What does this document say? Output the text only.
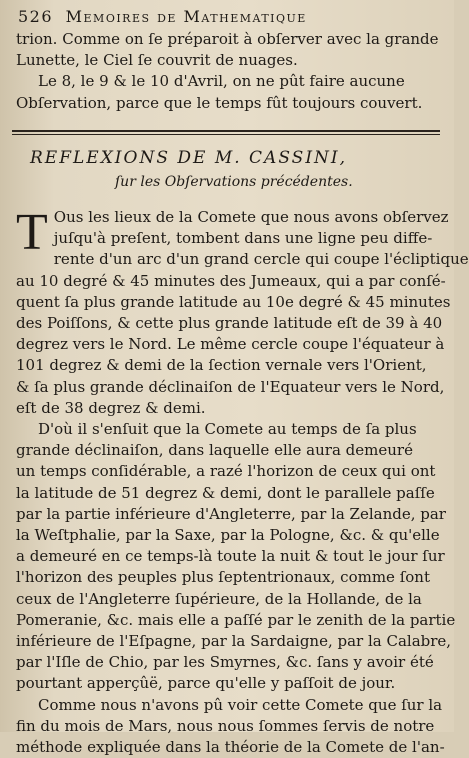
526 Memoires de Mathematique
trion. Comme on ſe préparoit à obſerver avec la grande
Lunette, le Ciel ſe couvrit de nuages.
Le 8, le 9 & le 10 d'Avril, on ne pût faire aucune
Obſervation, parce que le temps fût toujours couvert.
REFLEXIONS DE M. CASSINI,
ſur les Obſervations précédentes.
T Ous les lieux de la Comete que nous avons obſervez
juſqu'à preſent, tombent dans une ligne peu diffe-
rente d'un arc d'un grand cercle qui coupe l'écliptique
au 10 degré & 45 minutes des Jumeaux, qui a par conſé-
quent ſa plus grande latitude au 10e degré & 45 minutes
des Poiſſons, & cette plus grande latitude eſt de 39 à 40
degrez vers le Nord. Le même cercle coupe l'équateur à
101 degrez & demi de la ſection vernale vers l'Orient,
& ſa plus grande déclinaiſon de l'Equateur vers le Nord,
eſt de 38 degrez & demi.
D'où il s'enſuit que la Comete au temps de ſa plus
grande déclinaiſon, dans laquelle elle aura demeuré
un temps conſidérable, a razé l'horizon de ceux qui ont
la latitude de 51 degrez & demi, dont le parallele paſſe
par la partie inférieure d'Angleterre, par la Zelande, par
la Weſtphalie, par la Saxe, par la Pologne, &c. & qu'elle
a demeuré en ce temps-là toute la nuit & tout le jour ſur
l'horizon des peuples plus ſeptentrionaux, comme ſont
ceux de l'Angleterre ſupérieure, de la Hollande, de la
Pomeranie, &c. mais elle a paſſé par le zenith de la partie
inférieure de l'Eſpagne, par la Sardaigne, par la Calabre,
par l'Iſle de Chio, par les Smyrnes, &c. ſans y avoir été
pourtant apperçûë, parce qu'elle y paſſoit de jour.
Comme nous n'avons pû voir cette Comete que ſur la
fin du mois de Mars, nous nous ſommes ſervis de notre
méthode expliquée dans la théorie de la Comete de l'an-
